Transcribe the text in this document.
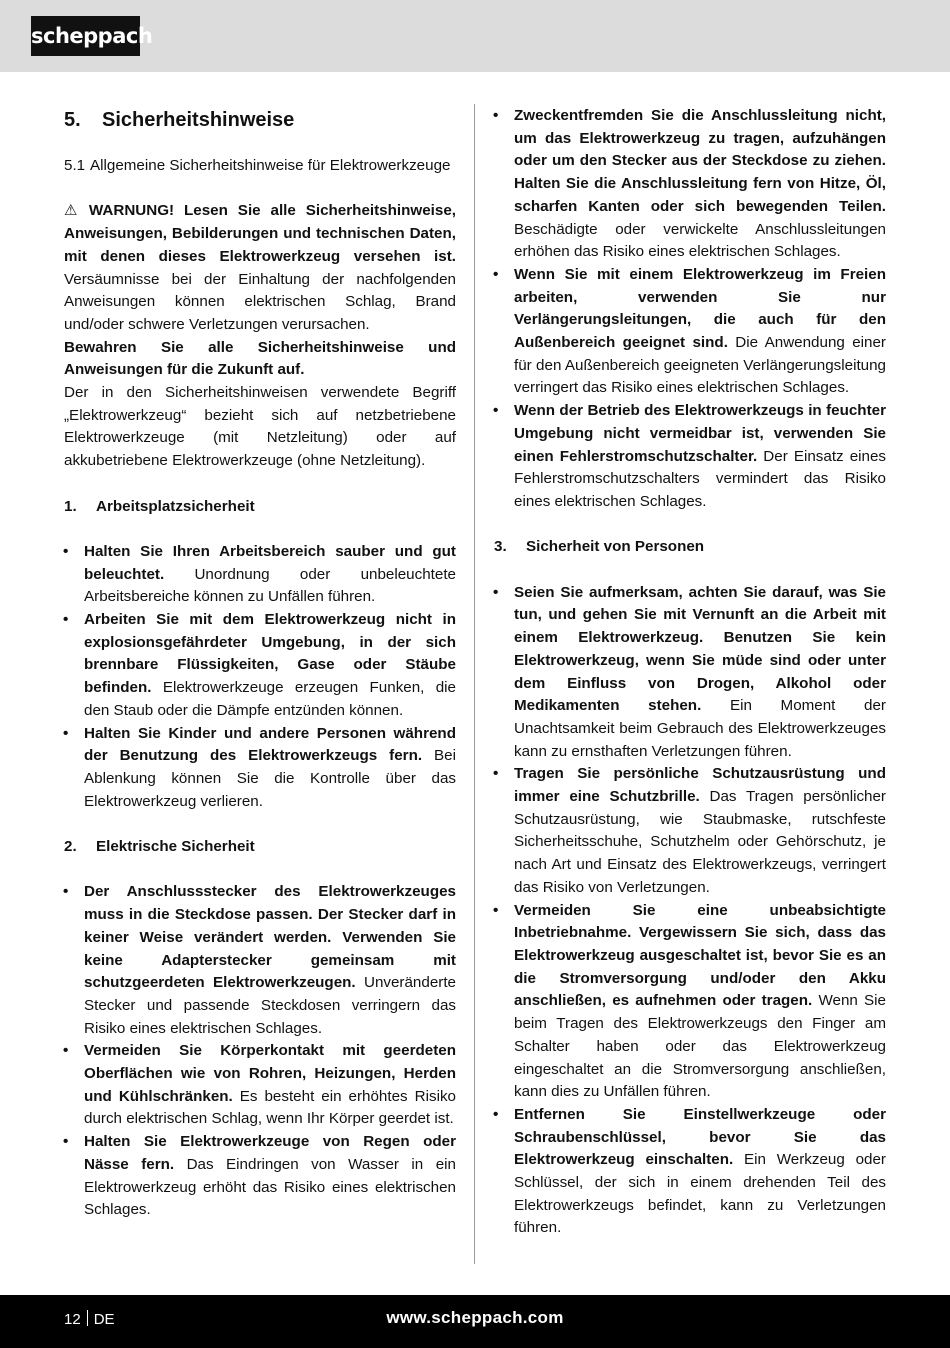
scheppach
5.	Sicherheitshinweise
5.1 Allgemeine Sicherheitshinweise für Elektrowerkzeuge

⚠ WARNUNG! Lesen Sie alle Sicherheitshinweise, Anweisungen, Bebilderungen und technischen Daten, mit denen dieses Elektrowerkzeug versehen ist. Versäumnisse bei der Einhaltung der nachfolgenden Anweisungen können elektrischen Schlag, Brand und/oder schwere Verletzungen verursachen.

Bewahren Sie alle Sicherheitshinweise und Anweisungen für die Zukunft auf.

Der in den Sicherheitshinweisen verwendete Begriff „Elektrowerkzeug“ bezieht sich auf netzbetriebene Elektrowerkzeuge (mit Netzleitung) oder auf akkubetriebene Elektrowerkzeuge (ohne Netzleitung).

1.	Arbeitsplatzsicherheit
• Halten Sie Ihren Arbeitsbereich sauber und gut beleuchtet. Unordnung oder unbeleuchtete Arbeitsbereiche können zu Unfällen führen.
• Arbeiten Sie mit dem Elektrowerkzeug nicht in explosionsgefährdeter Umgebung, in der sich brennbare Flüssigkeiten, Gase oder Stäube befinden. Elektrowerkzeuge erzeugen Funken, die den Staub oder die Dämpfe entzünden können.
• Halten Sie Kinder und andere Personen während der Benutzung des Elektrowerkzeugs fern. Bei Ablenkung können Sie die Kontrolle über das Elektrowerkzeug verlieren.
2.	Elektrische Sicherheit
• Der Anschlussstecker des Elektrowerkzeuges muss in die Steckdose passen. Der Stecker darf in keiner Weise verändert werden. Verwenden Sie keine Adapterstecker gemeinsam mit schutzgeerdeten Elektrowerkzeugen. Unveränderte Stecker und passende Steckdosen verringern das Risiko eines elektrischen Schlages.
• Vermeiden Sie Körperkontakt mit geerdeten Oberflächen wie von Rohren, Heizungen, Herden und Kühlschränken. Es besteht ein erhöhtes Risiko durch elektrischen Schlag, wenn Ihr Körper geerdet ist.
• Halten Sie Elektrowerkzeuge von Regen oder Nässe fern. Das Eindringen von Wasser in ein Elektrowerkzeug erhöht das Risiko eines elektrischen Schlages.
• Zweckentfremden Sie die Anschlussleitung nicht, um das Elektrowerkzeug zu tragen, aufzuhängen oder um den Stecker aus der Steckdose zu ziehen. Halten Sie die Anschlussleitung fern von Hitze, Öl, scharfen Kanten oder sich bewegenden Teilen. Beschädigte oder verwickelte Anschlussleitungen erhöhen das Risiko eines elektrischen Schlages.
• Wenn Sie mit einem Elektrowerkzeug im Freien arbeiten, verwenden Sie nur Verlängerungsleitungen, die auch für den Außenbereich geeignet sind. Die Anwendung einer für den Außenbereich geeigneten Verlängerungsleitung verringert das Risiko eines elektrischen Schlages.
• Wenn der Betrieb des Elektrowerkzeugs in feuchter Umgebung nicht vermeidbar ist, verwenden Sie einen Fehlerstromschutzschalter. Der Einsatz eines Fehlerstromschutzschalters vermindert das Risiko eines elektrischen Schlages.
3.	Sicherheit von Personen
• Seien Sie aufmerksam, achten Sie darauf, was Sie tun, und gehen Sie mit Vernunft an die Arbeit mit einem Elektrowerkzeug. Benutzen Sie kein Elektrowerkzeug, wenn Sie müde sind oder unter dem Einfluss von Drogen, Alkohol oder Medikamenten stehen. Ein Moment der Unachtsamkeit beim Gebrauch des Elektrowerkzeuges kann zu ernsthaften Verletzungen führen.
• Tragen Sie persönliche Schutzausrüstung und immer eine Schutzbrille. Das Tragen persönlicher Schutzausrüstung, wie Staubmaske, rutschfeste Sicherheitsschuhe, Schutzhelm oder Gehörschutz, je nach Art und Einsatz des Elektrowerkzeugs, verringert das Risiko von Verletzungen.
• Vermeiden Sie eine unbeabsichtigte Inbetriebnahme. Vergewissern Sie sich, dass das Elektrowerkzeug ausgeschaltet ist, bevor Sie es an die Stromversorgung und/oder den Akku anschließen, es aufnehmen oder tragen. Wenn Sie beim Tragen des Elektrowerkzeugs den Finger am Schalter haben oder das Elektrowerkzeug eingeschaltet an die Stromversorgung anschließen, kann dies zu Unfällen führen.
• Entfernen Sie Einstellwerkzeuge oder Schraubenschlüssel, bevor Sie das Elektrowerkzeug einschalten. Ein Werkzeug oder Schlüssel, der sich in einem drehenden Teil des Elektrowerkzeugs befindet, kann zu Verletzungen führen.
12 DE	www.scheppach.com
